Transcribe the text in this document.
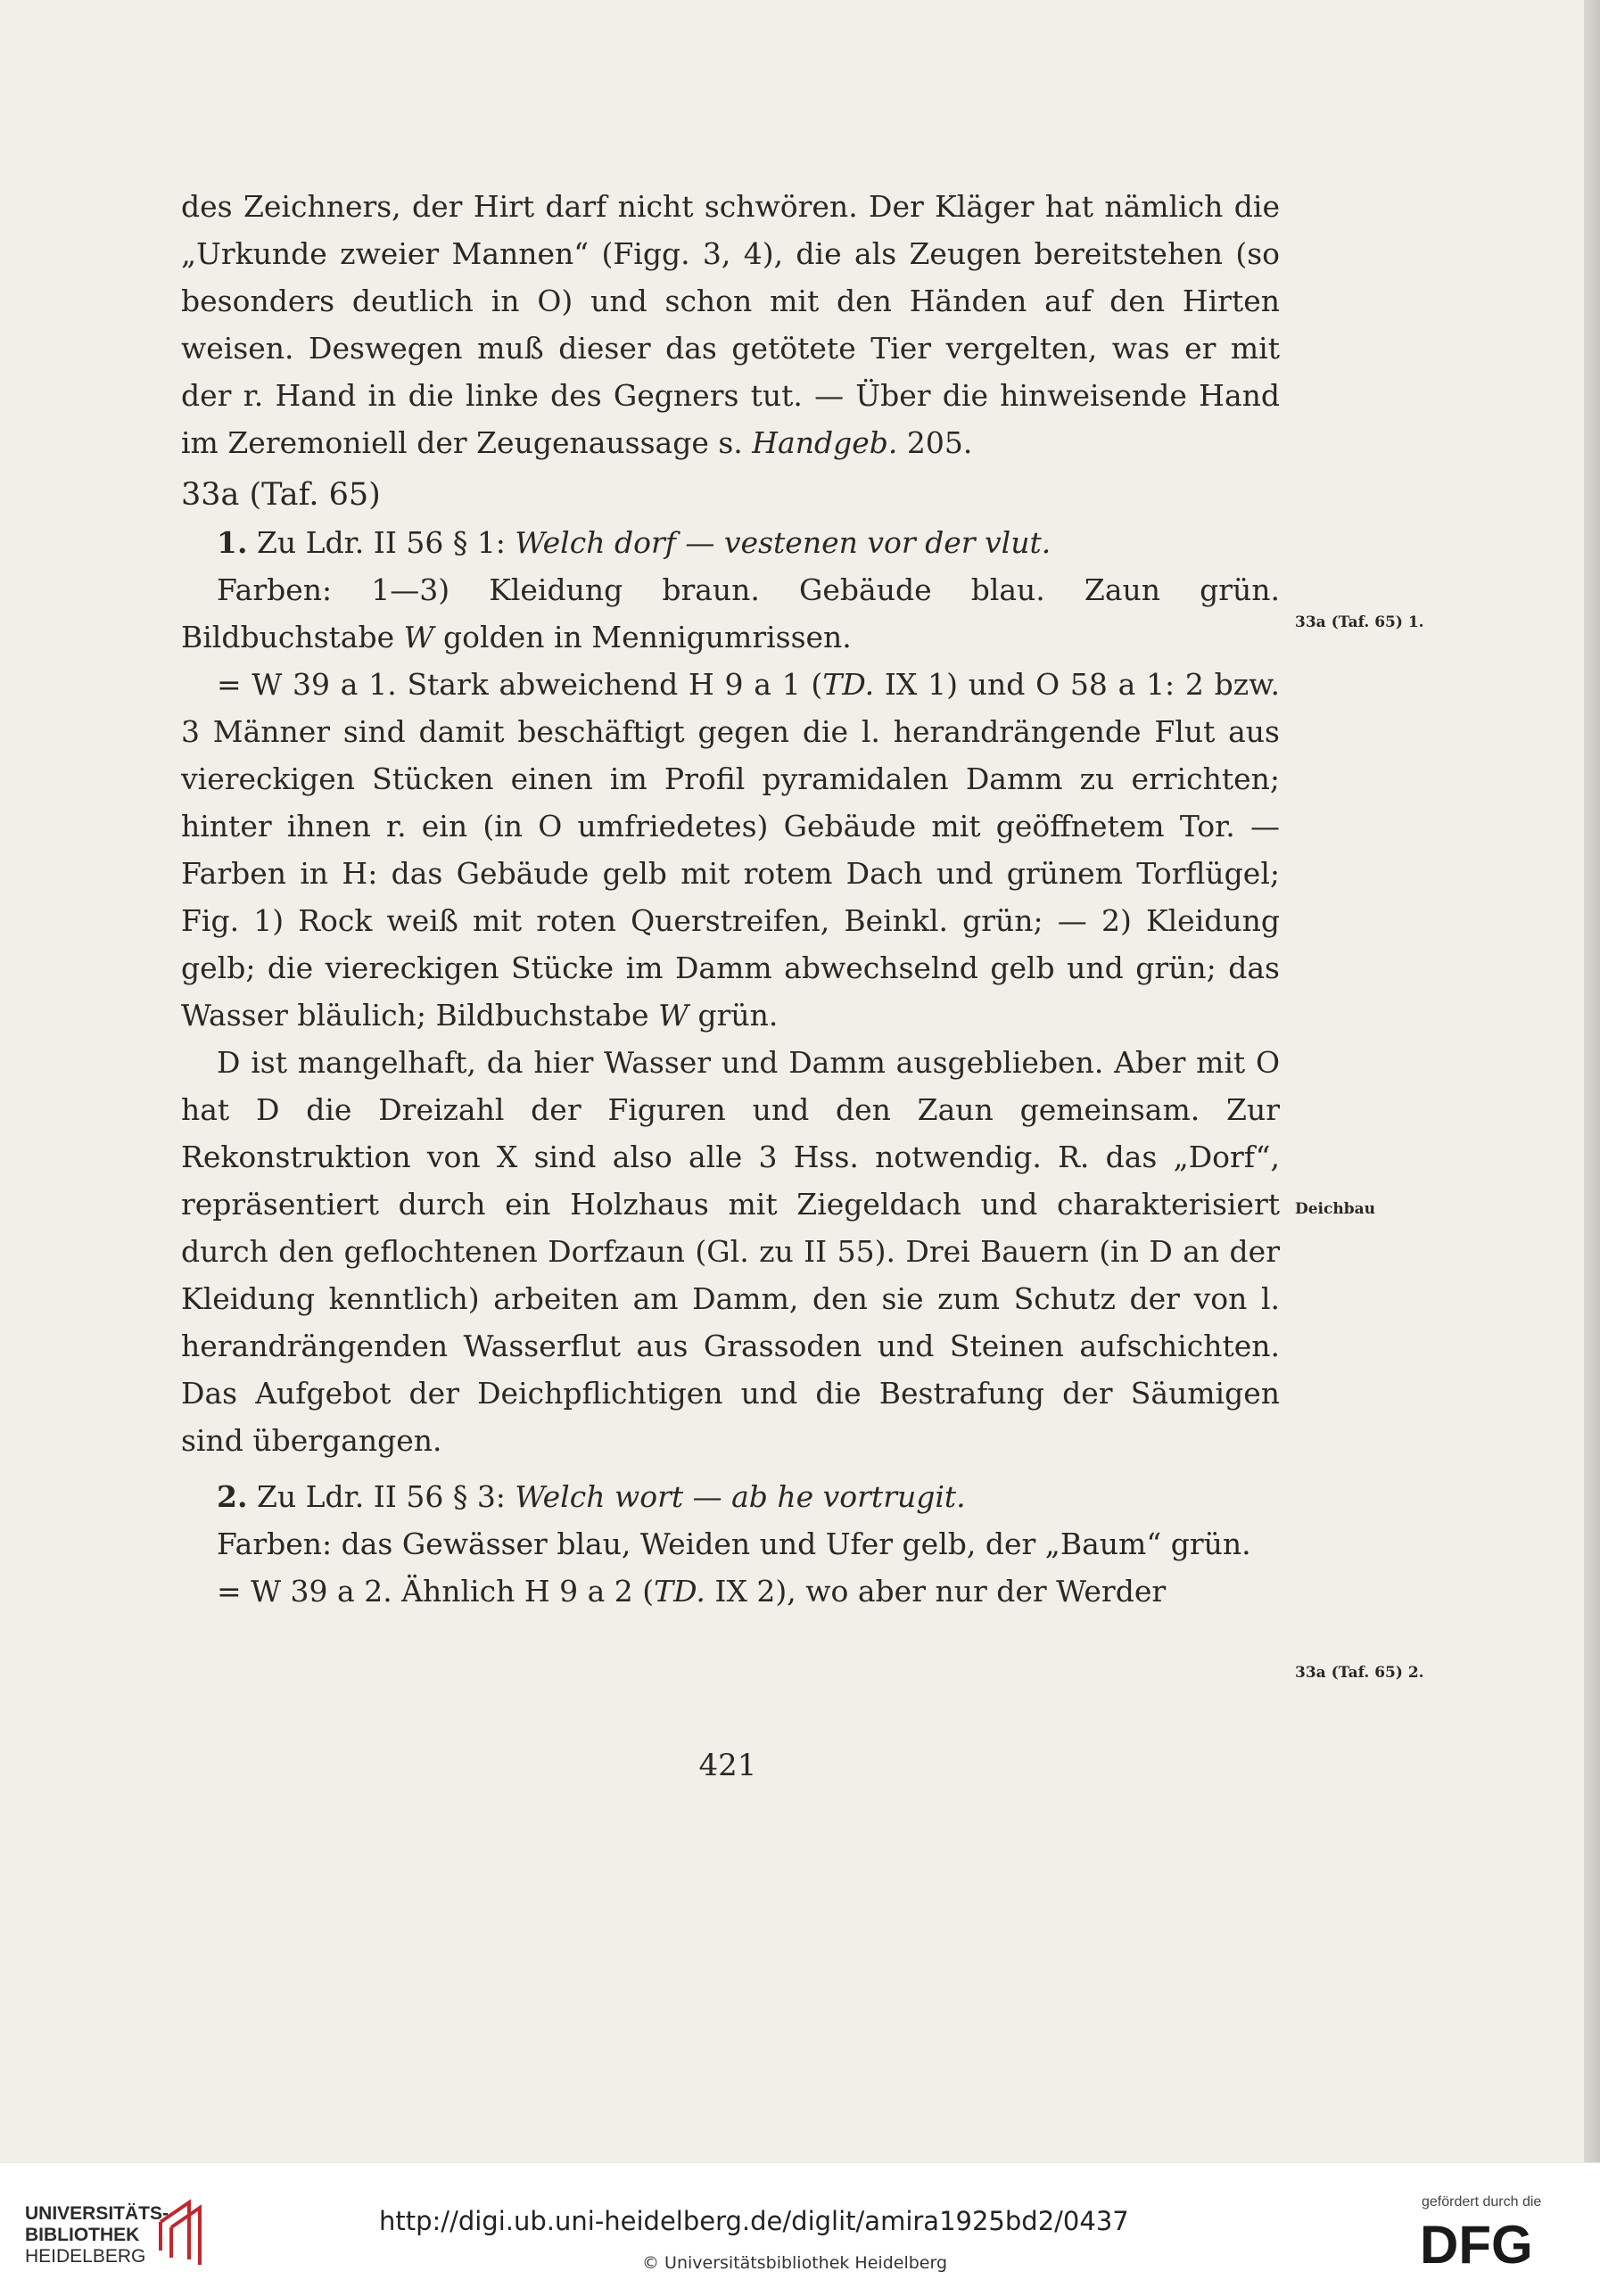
des Zeichners, der Hirt darf nicht schwören. Der Kläger hat nämlich die „Urkunde zweier Mannen“ (Figg. 3, 4), die als Zeugen bereitstehen (so besonders deutlich in O) und schon mit den Händen auf den Hirten weisen. Deswegen muß dieser das getötete Tier vergelten, was er mit der r. Hand in die linke des Gegners tut. — Über die hinweisende Hand im Zeremoniell der Zeugenaussage s. Handgeb. 205.

33a (Taf. 65)

1. Zu Ldr. II 56 § 1: Welch dorf — vestenen vor der vlut.

Farben: 1—3) Kleidung braun. Gebäude blau. Zaun grün. Bildbuchstabe W golden in Mennigumrissen.

= W 39 a 1. Stark abweichend H 9 a 1 (TD. IX 1) und O 58 a 1: 2 bzw. 3 Männer sind damit beschäftigt gegen die l. herandrängende Flut aus viereckigen Stücken einen im Profil pyramidalen Damm zu errichten; hinter ihnen r. ein (in O umfriedetes) Gebäude mit geöffnetem Tor. — Farben in H: das Gebäude gelb mit rotem Dach und grünem Torflügel; Fig. 1) Rock weiß mit roten Querstreifen, Beinkl. grün; — 2) Kleidung gelb; die viereckigen Stücke im Damm abwechselnd gelb und grün; das Wasser bläulich; Bildbuchstabe W grün.

D ist mangelhaft, da hier Wasser und Damm ausgeblieben. Aber mit O hat D die Dreizahl der Figuren und den Zaun gemeinsam. Zur Rekonstruktion von X sind also alle 3 Hss. notwendig. R. das „Dorf“, repräsentiert durch ein Holzhaus mit Ziegeldach und charakterisiert durch den geflochtenen Dorfzaun (Gl. zu II 55). Drei Bauern (in D an der Kleidung kenntlich) arbeiten am Damm, den sie zum Schutz der von l. herandrängenden Wasserflut aus Grassoden und Steinen aufschichten. Das Aufgebot der Deichpflichtigen und die Bestrafung der Säumigen sind übergangen.

2. Zu Ldr. II 56 § 3: Welch wort — ab he vortrugit.

Farben: das Gewässer blau, Weiden und Ufer gelb, der „Baum“ grün.

= W 39 a 2. Ähnlich H 9 a 2 (TD. IX 2), wo aber nur der Werder

33a (Taf. 65) 1.
Deichbau
33a (Taf. 65) 2.
421
UNIVERSITÄTS-
BIBLIOTHEK
HEIDELBERG
http://digi.ub.uni-heidelberg.de/diglit/amira1925bd2/0437
© Universitätsbibliothek Heidelberg
gefördert durch die
DFG
